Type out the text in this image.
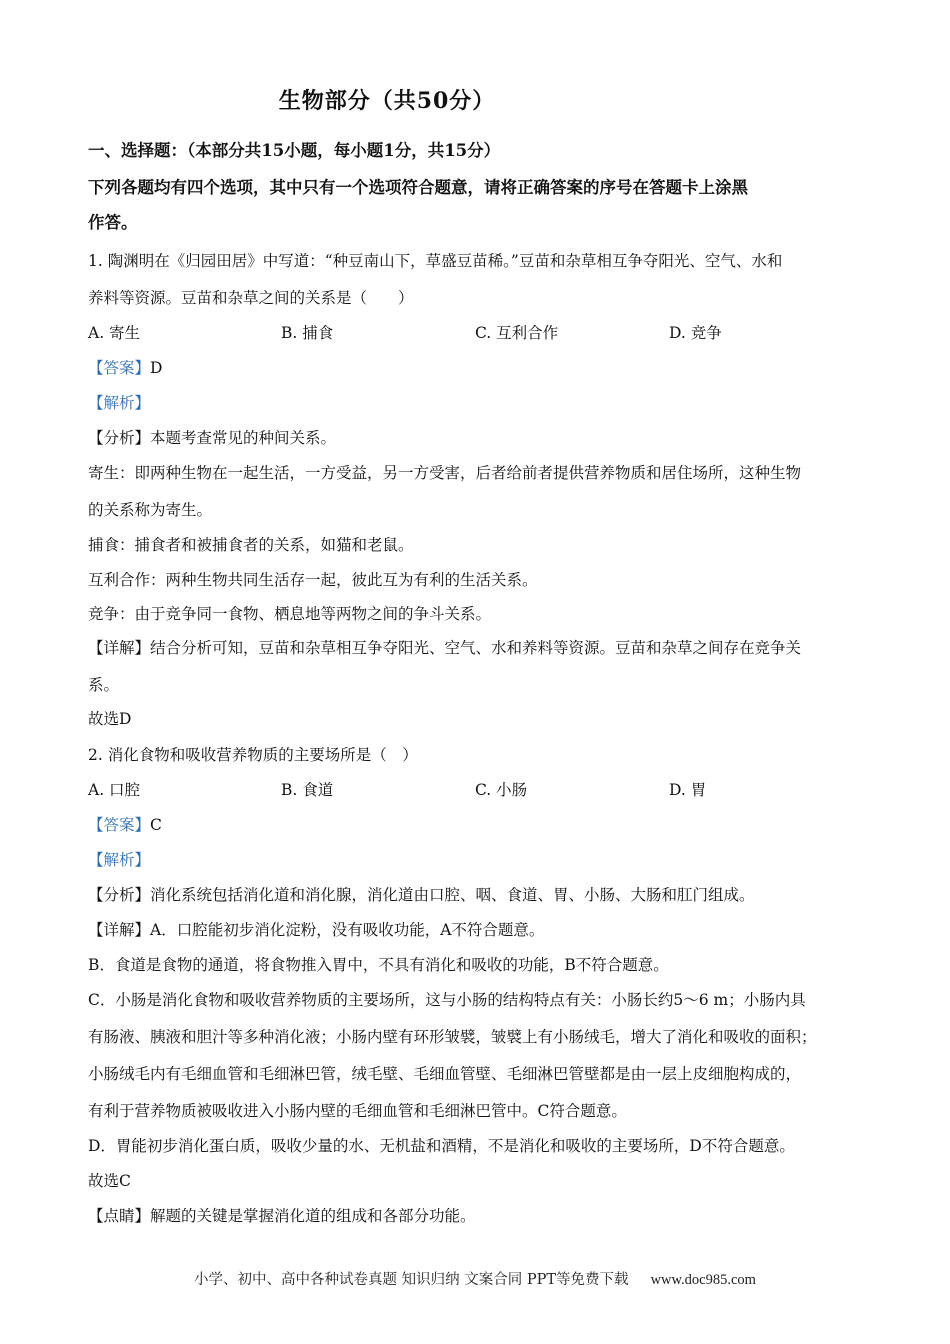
生物部分（共50分）
一、选择题：（本部分共15小题，每小题1分，共15分）
下列各题均有四个选项，其中只有一个选项符合题意，请将正确答案的序号在答题卡上涂黑
作答。
1. 陶渊明在《归园田居》中写道：“种豆南山下，草盛豆苗稀。”豆苗和杂草相互争夺阳光、空气、水和
养料等资源。豆苗和杂草之间的关系是（　　）
A. 寄生	B. 捕食	C. 互利合作	D. 竞争
【答案】D
【解析】
【分析】本题考查常见的种间关系。
寄生：即两种生物在一起生活，一方受益，另一方受害，后者给前者提供营养物质和居住场所，这种生物
的关系称为寄生。
捕食：捕食者和被捕食者的关系，如猫和老鼠。
互利合作：两种生物共同生活存一起，彼此互为有利的生活关系。
竞争：由于竞争同一食物、栖息地等两物之间的争斗关系。
【详解】结合分析可知，豆苗和杂草相互争夺阳光、空气、水和养料等资源。豆苗和杂草之间存在竞争关
系。
故选D
2. 消化食物和吸收营养物质的主要场所是（　）
A. 口腔	B. 食道	C. 小肠	D. 胃
【答案】C
【解析】
【分析】消化系统包括消化道和消化腺，消化道由口腔、咽、食道、胃、小肠、大肠和肛门组成。
【详解】A．口腔能初步消化淀粉，没有吸收功能，A不符合题意。
B．食道是食物的通道，将食物推入胃中，不具有消化和吸收的功能，B不符合题意。
C．小肠是消化食物和吸收营养物质的主要场所，这与小肠的结构特点有关：小肠长约5～6 m；小肠内具
有肠液、胰液和胆汁等多种消化液；小肠内壁有环形皱襞，皱襞上有小肠绒毛，增大了消化和吸收的面积；
小肠绒毛内有毛细血管和毛细淋巴管，绒毛壁、毛细血管壁、毛细淋巴管壁都是由一层上皮细胞构成的，
有利于营养物质被吸收进入小肠内壁的毛细血管和毛细淋巴管中。C符合题意。
D．胃能初步消化蛋白质，吸收少量的水、无机盐和酒精，不是消化和吸收的主要场所，D不符合题意。
故选C
【点睛】解题的关键是掌握消化道的组成和各部分功能。
小学、初中、高中各种试卷真题 知识归纳 文案合同 PPT等免费下载 www.doc985.com
